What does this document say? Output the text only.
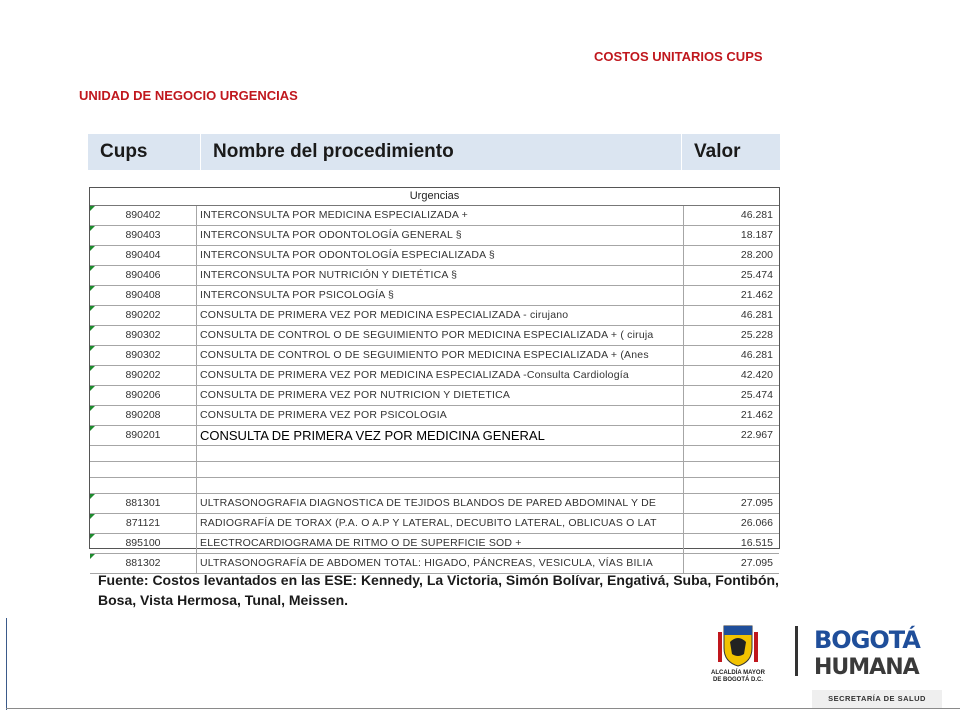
COSTOS UNITARIOS CUPS
UNIDAD DE NEGOCIO URGENCIAS
Cups	Nombre del procedimiento	Valor
Urgencias
890402	INTERCONSULTA POR MEDICINA ESPECIALIZADA +	46.281
890403	INTERCONSULTA POR ODONTOLOGÍA GENERAL §	18.187
890404	INTERCONSULTA POR ODONTOLOGÍA ESPECIALIZADA §	28.200
890406	INTERCONSULTA POR NUTRICIÓN Y DIETÉTICA §	25.474
890408	INTERCONSULTA POR PSICOLOGÍA §	21.462
890202	CONSULTA DE PRIMERA VEZ POR MEDICINA ESPECIALIZADA - cirujano	46.281
890302	CONSULTA DE CONTROL O DE SEGUIMIENTO POR MEDICINA ESPECIALIZADA + ( ciruja	25.228
890302	CONSULTA DE CONTROL O DE SEGUIMIENTO POR MEDICINA ESPECIALIZADA + (Anes	46.281
890202	CONSULTA DE PRIMERA VEZ POR MEDICINA ESPECIALIZADA -Consulta Cardiología	42.420
890206	CONSULTA DE PRIMERA VEZ POR NUTRICION Y DIETETICA	25.474
890208	CONSULTA DE PRIMERA VEZ POR PSICOLOGIA	21.462
890201	CONSULTA DE PRIMERA VEZ POR MEDICINA GENERAL	22.967
881301	ULTRASONOGRAFIA DIAGNOSTICA DE TEJIDOS BLANDOS DE PARED ABDOMINAL Y DE	27.095
871121	RADIOGRAFÍA DE TORAX (P.A. O A.P Y LATERAL, DECUBITO LATERAL, OBLICUAS O LAT	26.066
895100	ELECTROCARDIOGRAMA DE RITMO O DE SUPERFICIE SOD +	16.515
881302	ULTRASONOGRAFÍA DE ABDOMEN TOTAL: HIGADO, PÁNCREAS, VESICULA, VÍAS BILIA	27.095
Fuente: Costos levantados en las ESE: Kennedy, La Victoria, Simón Bolívar, Engativá, Suba, Fontibón, Bosa, Vista Hermosa, Tunal, Meissen.
ALCALDÍA MAYOR
DE BOGOTÁ D.C.
BOGOTÁ
HUMANA
SECRETARÍA DE SALUD
